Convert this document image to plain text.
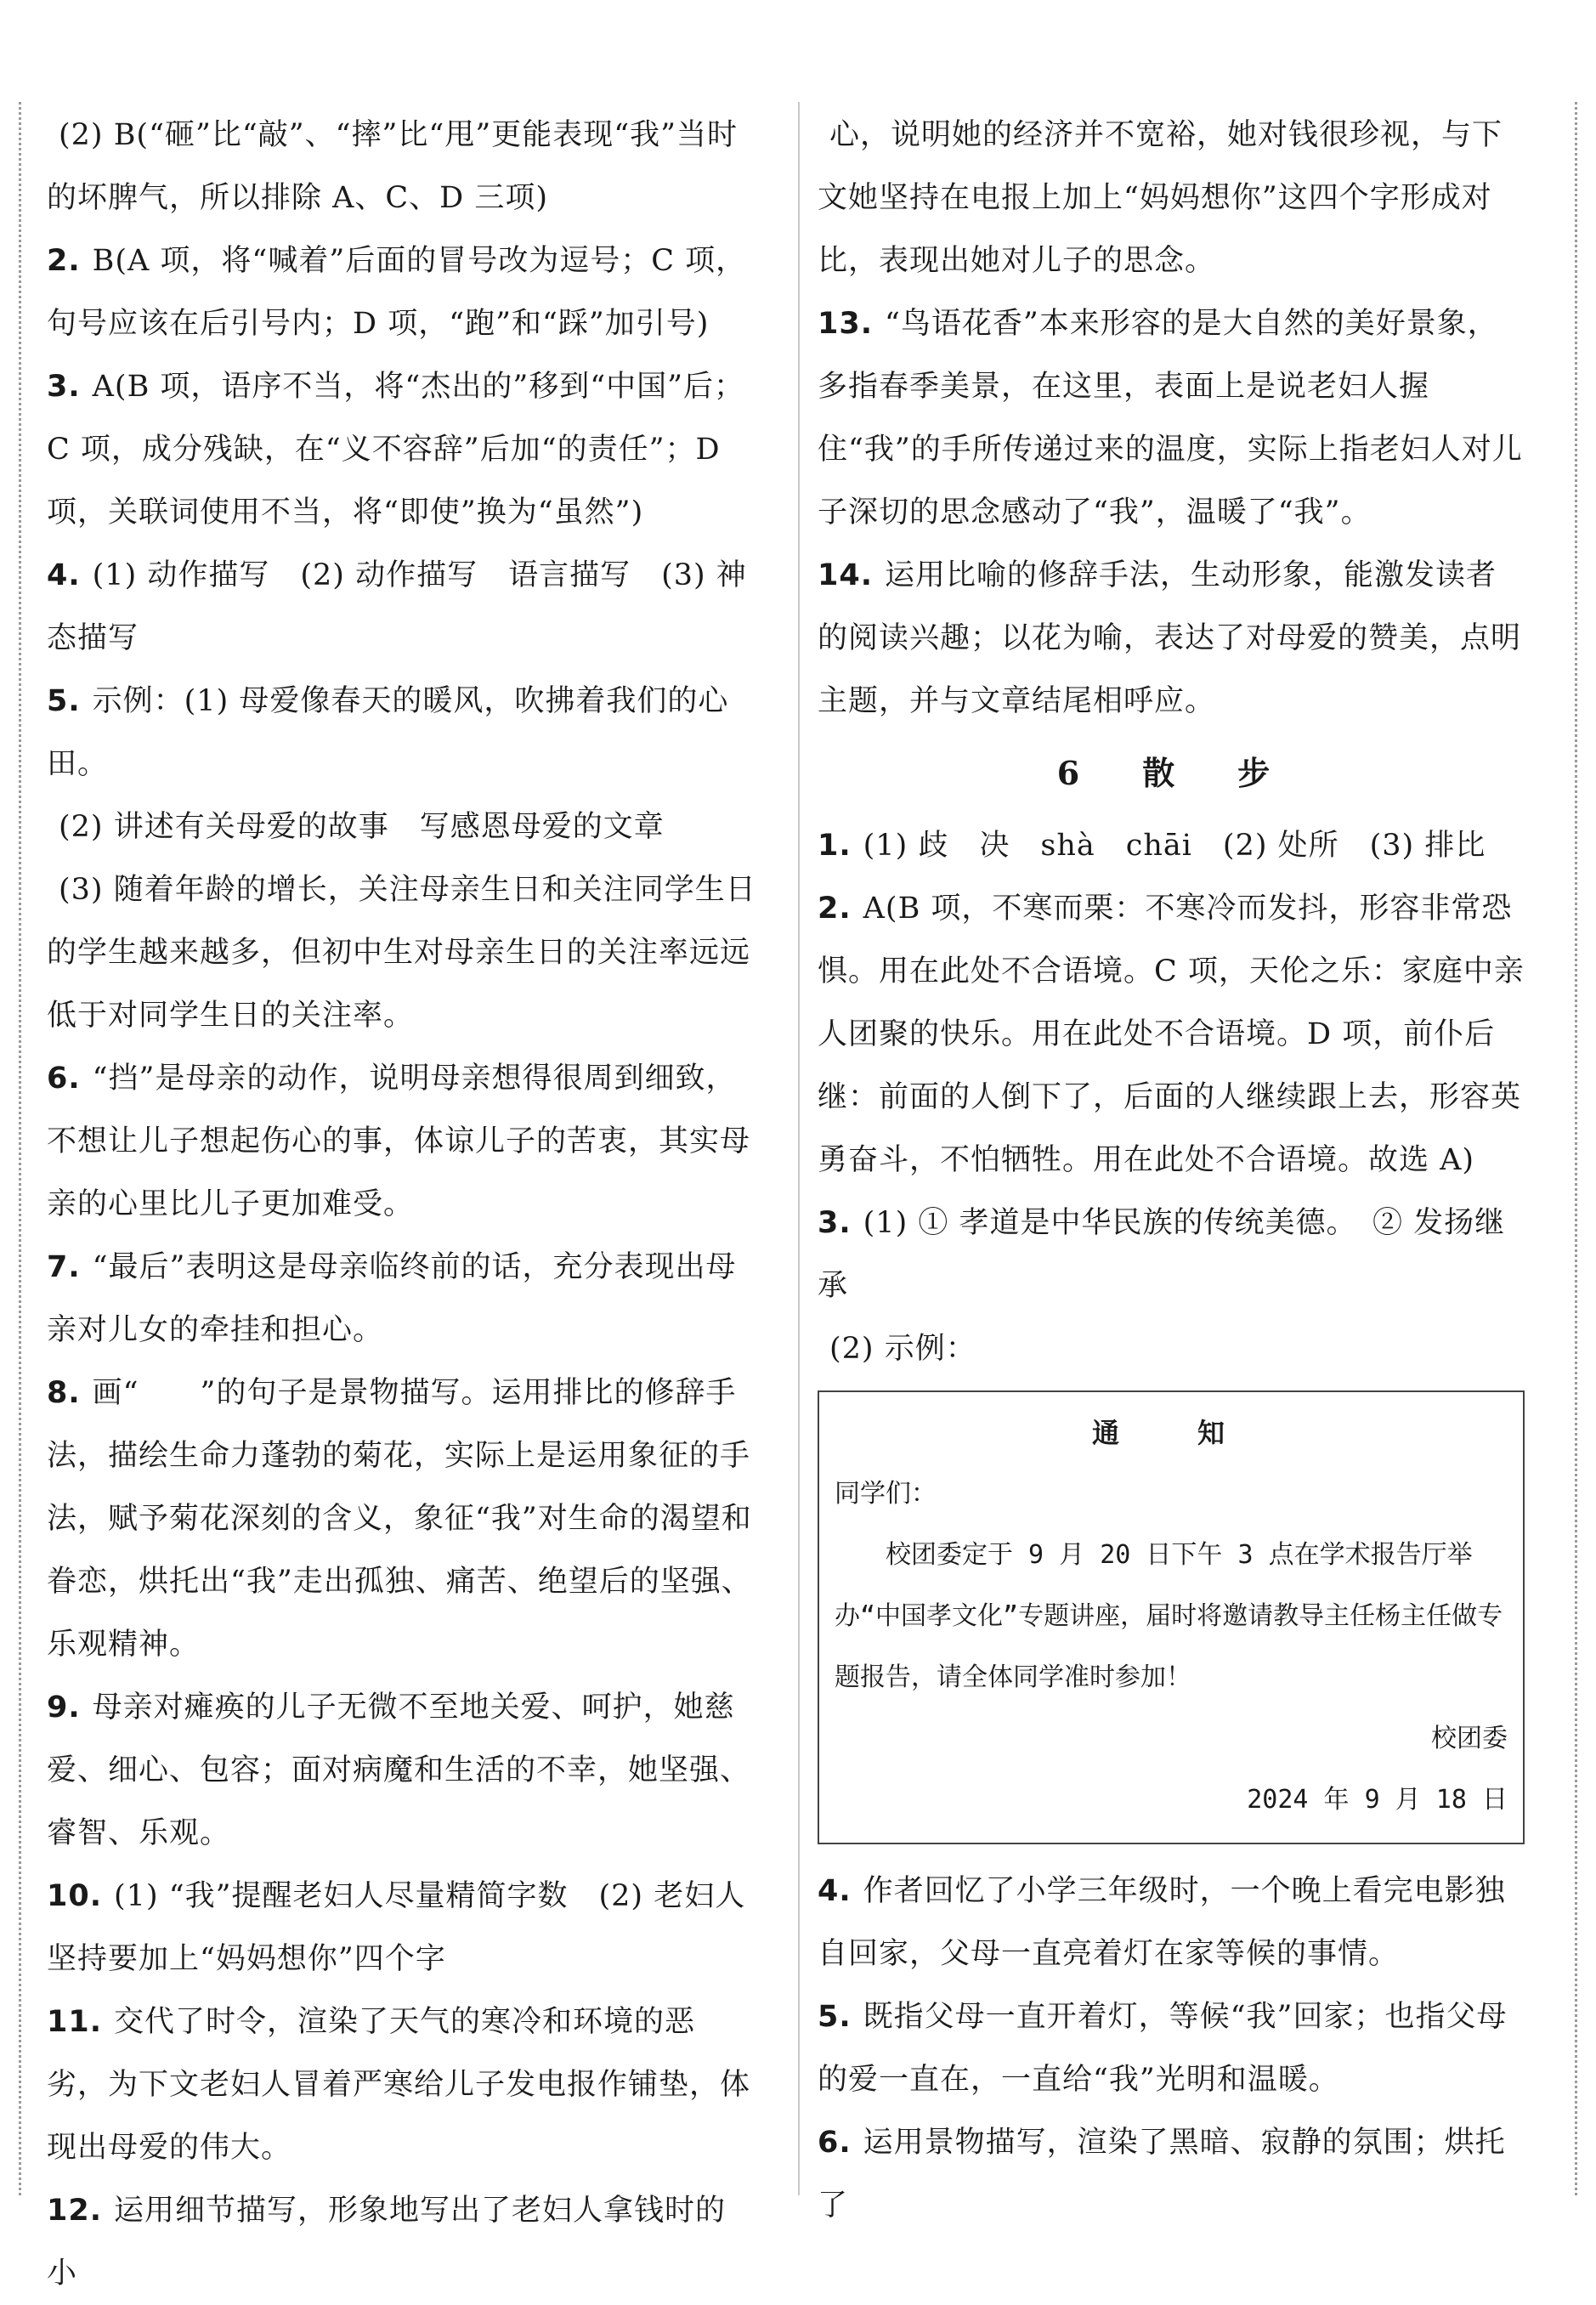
(2) B(“砸”比“敲”、“摔”比“甩”更能表现“我”当时的坏脾气，所以排除 A、C、D 三项)

2. B(A 项，将“喊着”后面的冒号改为逗号；C 项，句号应该在后引号内；D 项，“跑”和“踩”加引号)

3. A(B 项，语序不当，将“杰出的”移到“中国”后；C 项，成分残缺，在“义不容辞”后加“的责任”；D 项，关联词使用不当，将“即使”换为“虽然”)

4. (1) 动作描写　(2) 动作描写　语言描写　(3) 神态描写

5. 示例：(1) 母爱像春天的暖风，吹拂着我们的心田。

(2) 讲述有关母爱的故事　写感恩母爱的文章

(3) 随着年龄的增长，关注母亲生日和关注同学生日的学生越来越多，但初中生对母亲生日的关注率远远低于对同学生日的关注率。

6. “挡”是母亲的动作，说明母亲想得很周到细致，不想让儿子想起伤心的事，体谅儿子的苦衷，其实母亲的心里比儿子更加难受。

7. “最后”表明这是母亲临终前的话，充分表现出母亲对儿女的牵挂和担心。

8. 画“　　”的句子是景物描写。运用排比的修辞手法，描绘生命力蓬勃的菊花，实际上是运用象征的手法，赋予菊花深刻的含义，象征“我”对生命的渴望和眷恋，烘托出“我”走出孤独、痛苦、绝望后的坚强、乐观精神。

9. 母亲对瘫痪的儿子无微不至地关爱、呵护，她慈爱、细心、包容；面对病魔和生活的不幸，她坚强、睿智、乐观。

10. (1) “我”提醒老妇人尽量精简字数　(2) 老妇人坚持要加上“妈妈想你”四个字

11. 交代了时令，渲染了天气的寒冷和环境的恶劣，为下文老妇人冒着严寒给儿子发电报作铺垫，体现出母爱的伟大。

12. 运用细节描写，形象地写出了老妇人拿钱时的小

心，说明她的经济并不宽裕，她对钱很珍视，与下文她坚持在电报上加上“妈妈想你”这四个字形成对比，表现出她对儿子的思念。

13. “鸟语花香”本来形容的是大自然的美好景象，多指春季美景，在这里，表面上是说老妇人握住“我”的手所传递过来的温度，实际上指老妇人对儿子深切的思念感动了“我”，温暖了“我”。

14. 运用比喻的修辞手法，生动形象，能激发读者的阅读兴趣；以花为喻，表达了对母爱的赞美，点明主题，并与文章结尾相呼应。

6　散　步

1. (1) 歧　决　shà　chāi　(2) 处所　(3) 排比

2. A(B 项，不寒而栗：不寒冷而发抖，形容非常恐惧。用在此处不合语境。C 项，天伦之乐：家庭中亲人团聚的快乐。用在此处不合语境。D 项，前仆后继：前面的人倒下了，后面的人继续跟上去，形容英勇奋斗，不怕牺牲。用在此处不合语境。故选 A)

3. (1) ① 孝道是中华民族的传统美德。　② 发扬继承

(2) 示例：

通　知
同学们：
校团委定于 9 月 20 日下午 3 点在学术报告厅举办“中国孝文化”专题讲座，届时将邀请教导主任杨主任做专题报告，请全体同学准时参加！
校团委
2024 年 9 月 18 日

4. 作者回忆了小学三年级时，一个晚上看完电影独自回家，父母一直亮着灯在家等候的事情。

5. 既指父母一直开着灯，等候“我”回家；也指父母的爱一直在，一直给“我”光明和温暖。

6. 运用景物描写，渲染了黑暗、寂静的氛围；烘托了
